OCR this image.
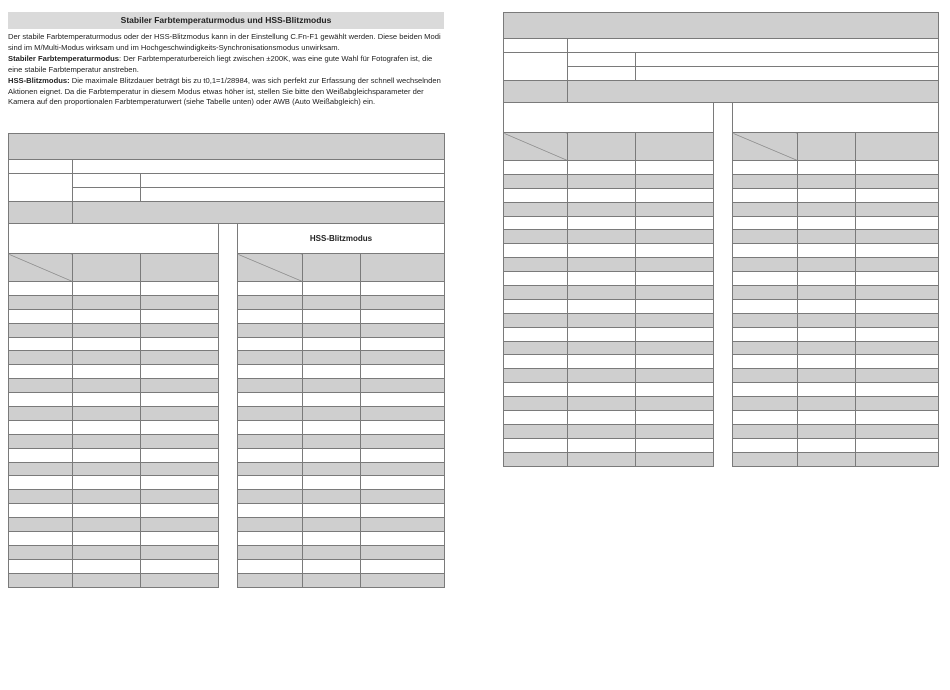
Stabiler Farbtemperaturmodus und HSS-Blitzmodus

Der stabile Farbtemperaturmodus oder der HSS-Blitzmodus kann in der Einstellung C.Fn-F1 gewählt werden. Diese beiden Modi sind im M/Multi-Modus wirksam und im Hochgeschwindigkeits-Synchronisationsmodus unwirksam.

Stabiler Farbtemperaturmodus: Der Farbtemperaturbereich liegt zwischen ±200K, was eine gute Wahl für Fotografen ist, die eine stabile Farbtemperatur anstreben.

HSS-Blitzmodus: Die maximale Blitzdauer beträgt bis zu t0,1=1/28984, was sich perfekt zur Erfassung der schnell wechselnden Aktionen eignet. Da die Farbtemperatur in diesem Modus etwas höher ist, stellen Sie bitte den Weißabgleichsparameter der Kamera auf den proportionalen Farbtemperaturwert (siehe Tabelle unten) oder AWB (Auto Weißabgleich) ein.

				HSS-Blitzmodus		
